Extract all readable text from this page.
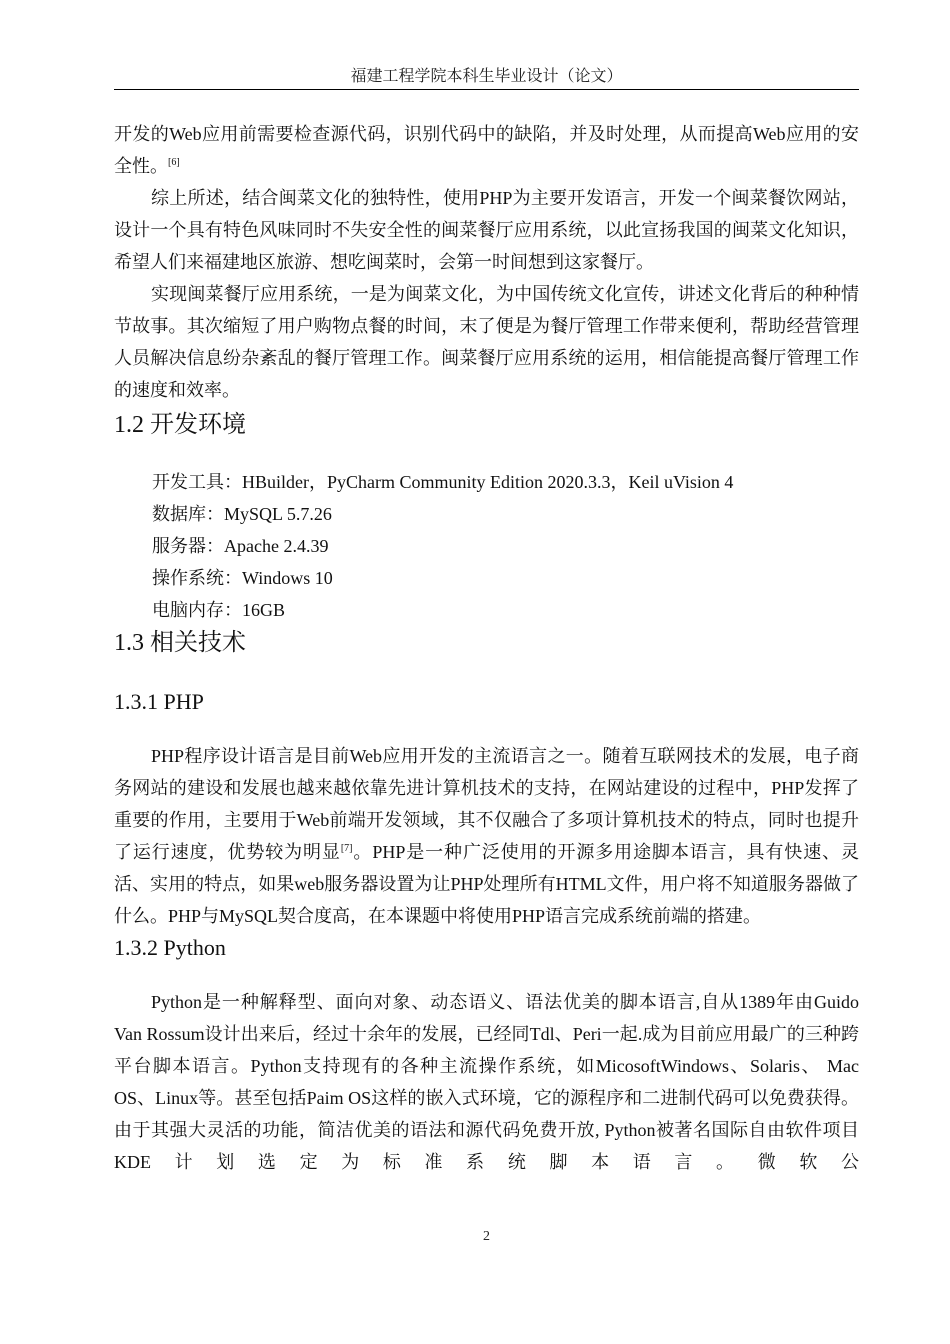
福建工程学院本科生毕业设计（论文）

开发的Web应用前需要检查源代码，识别代码中的缺陷，并及时处理，从而提高Web应用的安全性。[6]

综上所述，结合闽菜文化的独特性，使用PHP为主要开发语言，开发一个闽菜餐饮网站，设计一个具有特色风味同时不失安全性的闽菜餐厅应用系统，以此宣扬我国的闽菜文化知识，希望人们来福建地区旅游、想吃闽菜时，会第一时间想到这家餐厅。

实现闽菜餐厅应用系统，一是为闽菜文化，为中国传统文化宣传，讲述文化背后的种种情节故事。其次缩短了用户购物点餐的时间，末了便是为餐厅管理工作带来便利，帮助经营管理人员解决信息纷杂紊乱的餐厅管理工作。闽菜餐厅应用系统的运用，相信能提高餐厅管理工作的速度和效率。

1.2 开发环境
开发工具：HBuilder，PyCharm Community Edition 2020.3.3，Keil uVision 4
数据库：MySQL 5.7.26
服务器：Apache 2.4.39
操作系统：Windows 10
电脑内存：16GB
1.3 相关技术
1.3.1 PHP

PHP程序设计语言是目前Web应用开发的主流语言之一。随着互联网技术的发展，电子商务网站的建设和发展也越来越依靠先进计算机技术的支持，在网站建设的过程中，PHP发挥了重要的作用，主要用于Web前端开发领域，其不仅融合了多项计算机技术的特点，同时也提升了运行速度，优势较为明显[7]。PHP是一种广泛使用的开源多用途脚本语言，具有快速、灵活、实用的特点，如果web服务器设置为让PHP处理所有HTML文件，用户将不知道服务器做了什么。PHP与MySQL契合度高，在本课题中将使用PHP语言完成系统前端的搭建。

1.3.2 Python

Python是一种解释型、面向对象、动态语义、语法优美的脚本语言,自从1389年由Guido Van Rossum设计出来后，经过十余年的发展，已经同Tdl、Peri一起.成为目前应用最广的三种跨平台脚本语言。Python支持现有的各种主流操作系统，如MicosoftWindows、Solaris、 Mac OS、Linux等。甚至包括Paim OS这样的嵌入式环境，它的源程序和二进制代码可以免费获得。由于其强大灵活的功能，简洁优美的语法和源代码免费开放, Python被著名国际自由软件项目KDE计划选定为标准系统脚本语言。微软公

2
